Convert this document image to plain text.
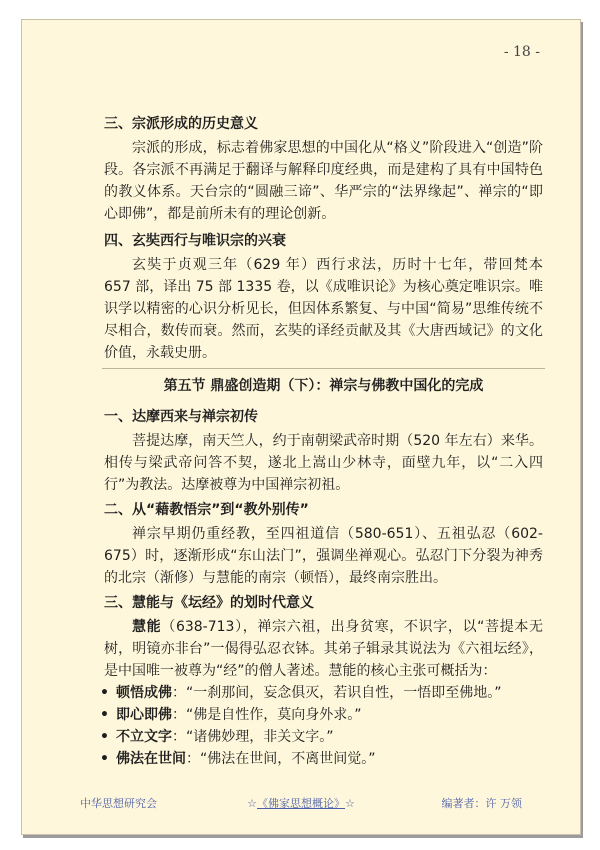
- 18 -
三、宗派形成的历史意义

宗派的形成，标志着佛家思想的中国化从“格义”阶段进入“创造”阶段。各宗派不再满足于翻译与解释印度经典，而是建构了具有中国特色的教义体系。天台宗的“圆融三谛”、华严宗的“法界缘起”、禅宗的“即心即佛”，都是前所未有的理论创新。

四、玄奘西行与唯识宗的兴衰

玄奘于贞观三年（629 年）西行求法，历时十七年，带回梵本 657 部，译出 75 部 1335 卷，以《成唯识论》为核心奠定唯识宗。唯识学以精密的心识分析见长，但因体系繁复、与中国“简易”思维传统不尽相合，数传而衰。然而，玄奘的译经贡献及其《大唐西域记》的文化价值，永载史册。

第五节 鼎盛创造期（下）：禅宗与佛教中国化的完成
一、达摩西来与禅宗初传

菩提达摩，南天竺人，约于南朝梁武帝时期（520 年左右）来华。相传与梁武帝问答不契，遂北上嵩山少林寺，面壁九年，以“二入四行”为教法。达摩被尊为中国禅宗初祖。

二、从“藉教悟宗”到“教外别传”

禅宗早期仍重经教，至四祖道信（580-651）、五祖弘忍（602-675）时，逐渐形成“东山法门”，强调坐禅观心。弘忍门下分裂为神秀的北宗（渐修）与慧能的南宗（顿悟），最终南宗胜出。

三、慧能与《坛经》的划时代意义

慧能（638-713），禅宗六祖，出身贫寒，不识字，以“菩提本无树，明镜亦非台”一偈得弘忍衣钵。其弟子辑录其说法为《六祖坛经》，是中国唯一被尊为“经”的僧人著述。慧能的核心主张可概括为：

• 顿悟成佛：“一刹那间，妄念俱灭，若识自性，一悟即至佛地。”
• 即心即佛：“佛是自性作，莫向身外求。”
• 不立文字：“诸佛妙理，非关文字。”
• 佛法在世间：“佛法在世间，不离世间觉。”
中华思想研究会	☆《佛家思想概论》☆	编著者：许 万领
